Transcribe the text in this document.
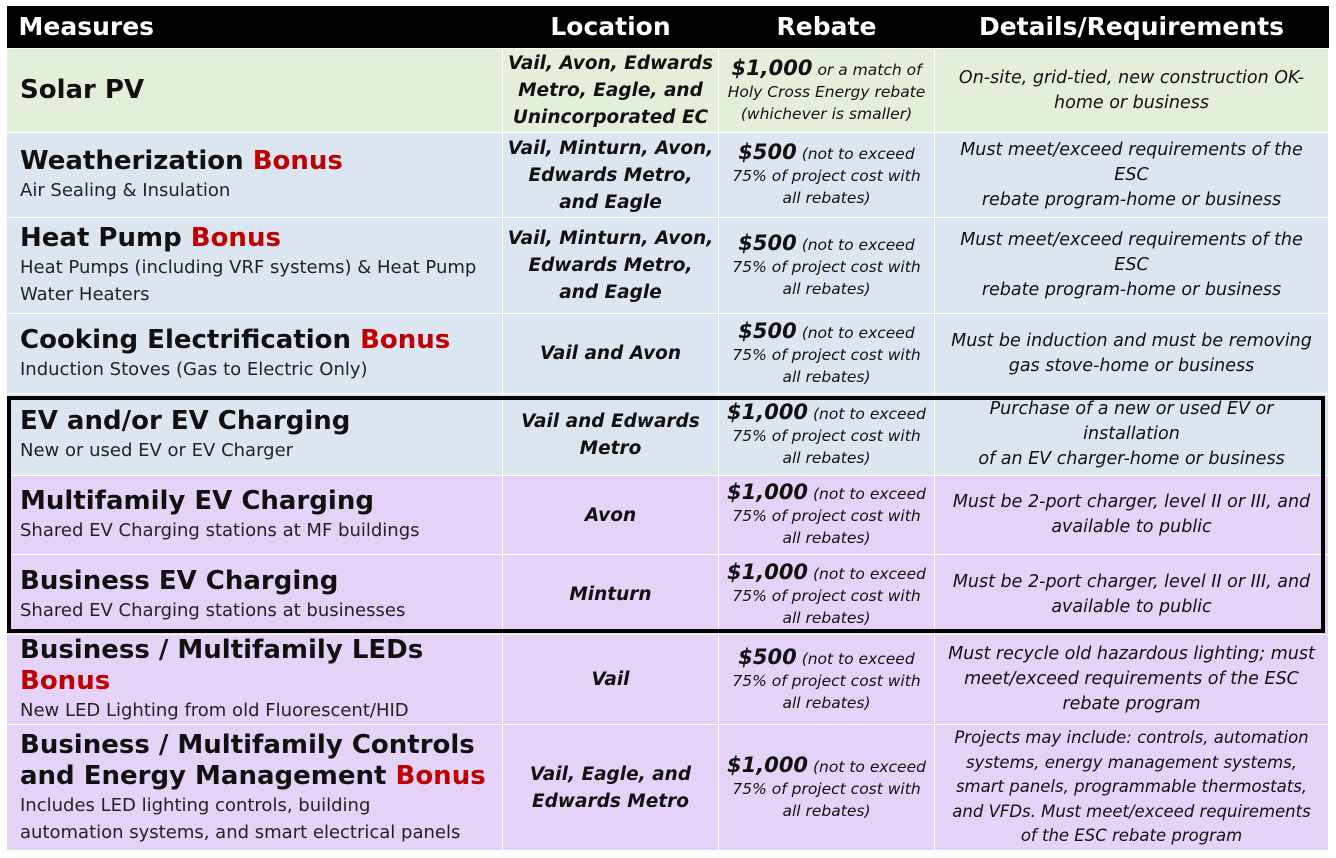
Measures	Location	Rebate	Details/Requirements

Solar PV	Vail, Avon, Edwards
Metro, Eagle, and
Unincorporated EC	$1,000 or a match of
Holy Cross Energy rebate
(whichever is smaller)	On-site, grid-tied, new construction OK-
home or business

Weatherization Bonus
Air Sealing & Insulation	Vail, Minturn, Avon,
Edwards Metro,
and Eagle	$500 (not to exceed
75% of project cost with
all rebates)	Must meet/exceed requirements of the ESC
rebate program-home or business

Heat Pump Bonus
Heat Pumps (including VRF systems) & Heat Pump
Water Heaters	Vail, Minturn, Avon,
Edwards Metro,
and Eagle	$500 (not to exceed
75% of project cost with
all rebates)	Must meet/exceed requirements of the ESC
rebate program-home or business

Cooking Electrification Bonus
Induction Stoves (Gas to Electric Only)	Vail and Avon	$500 (not to exceed
75% of project cost with
all rebates)	Must be induction and must be removing
gas stove-home or business

EV and/or EV Charging
New or used EV or EV Charger	Vail and Edwards
Metro	$1,000 (not to exceed
75% of project cost with
all rebates)	Purchase of a new or used EV or installation
of an EV charger-home or business

Multifamily EV Charging
Shared EV Charging stations at MF buildings	Avon	$1,000 (not to exceed
75% of project cost with
all rebates)	Must be 2-port charger, level II or III, and
available to public

Business EV Charging
Shared EV Charging stations at businesses	Minturn	$1,000 (not to exceed
75% of project cost with
all rebates)	Must be 2-port charger, level II or III, and
available to public

Business / Multifamily LEDs Bonus
New LED Lighting from old Fluorescent/HID	Vail	$500 (not to exceed
75% of project cost with
all rebates)	Must recycle old hazardous lighting; must
meet/exceed requirements of the ESC
rebate program

Business / Multifamily Controls
and Energy Management Bonus
Includes LED lighting controls, building
automation systems, and smart electrical panels	Vail, Eagle, and
Edwards Metro	$1,000 (not to exceed
75% of project cost with
all rebates)	Projects may include: controls, automation
systems, energy management systems,
smart panels, programmable thermostats,
and VFDs. Must meet/exceed requirements
of the ESC rebate program
